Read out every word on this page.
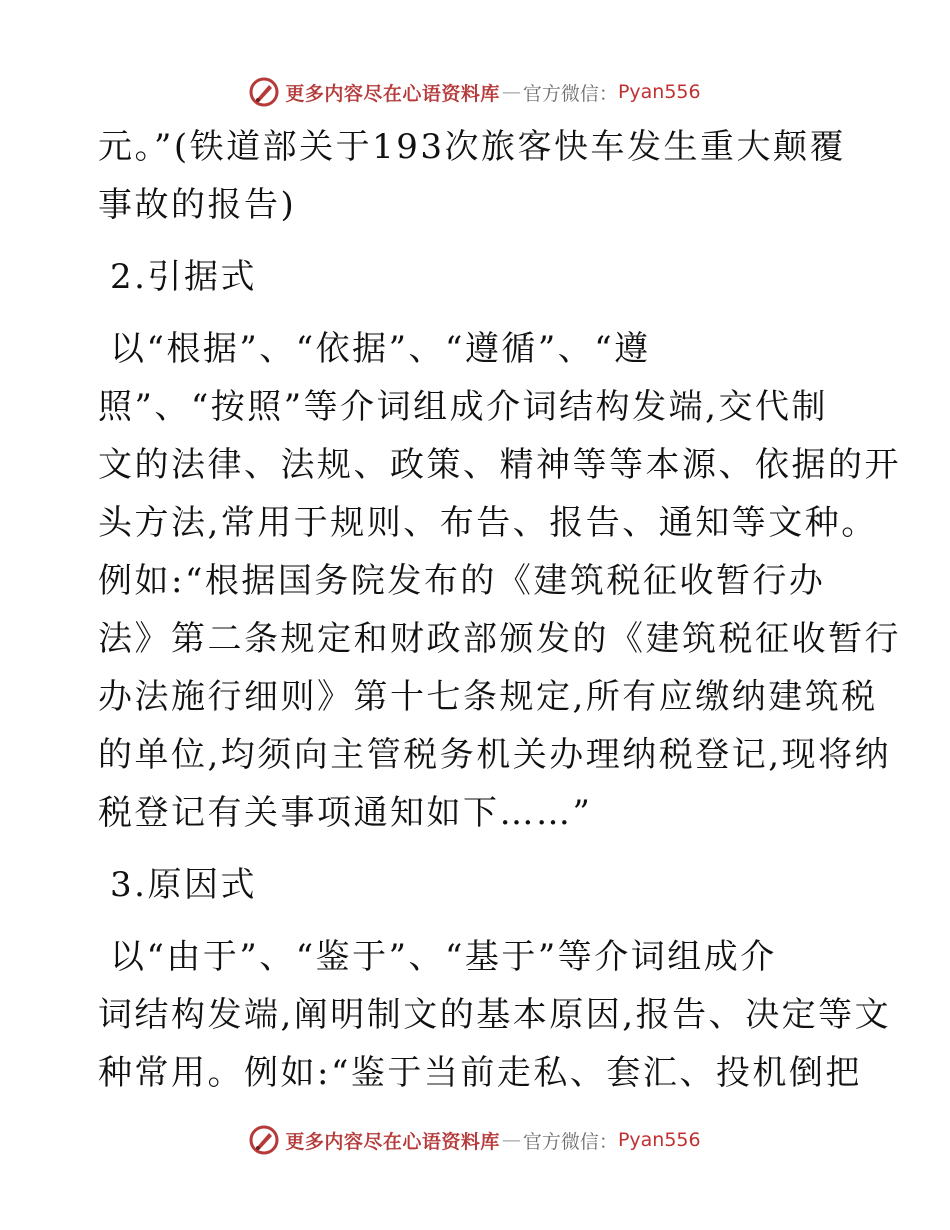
更多内容尽在心语资料库 — 官方微信： Pyan556
元。”(铁道部关于193次旅客快车发生重大颠覆
事故的报告)
2.引据式
以“根据”、“依据”、“遵循”、“遵
照”、“按照”等介词组成介词结构发端,交代制
文的法律、法规、政策、精神等等本源、依据的开
头方法,常用于规则、布告、报告、通知等文种。
例如:“根据国务院发布的《建筑税征收暂行办
法》第二条规定和财政部颁发的《建筑税征收暂行
办法施行细则》第十七条规定,所有应缴纳建筑税
的单位,均须向主管税务机关办理纳税登记,现将纳
税登记有关事项通知如下……”
3.原因式
以“由于”、“鉴于”、“基于”等介词组成介
词结构发端,阐明制文的基本原因,报告、决定等文
种常用。例如:“鉴于当前走私、套汇、投机倒把
更多内容尽在心语资料库 — 官方微信： Pyan556
